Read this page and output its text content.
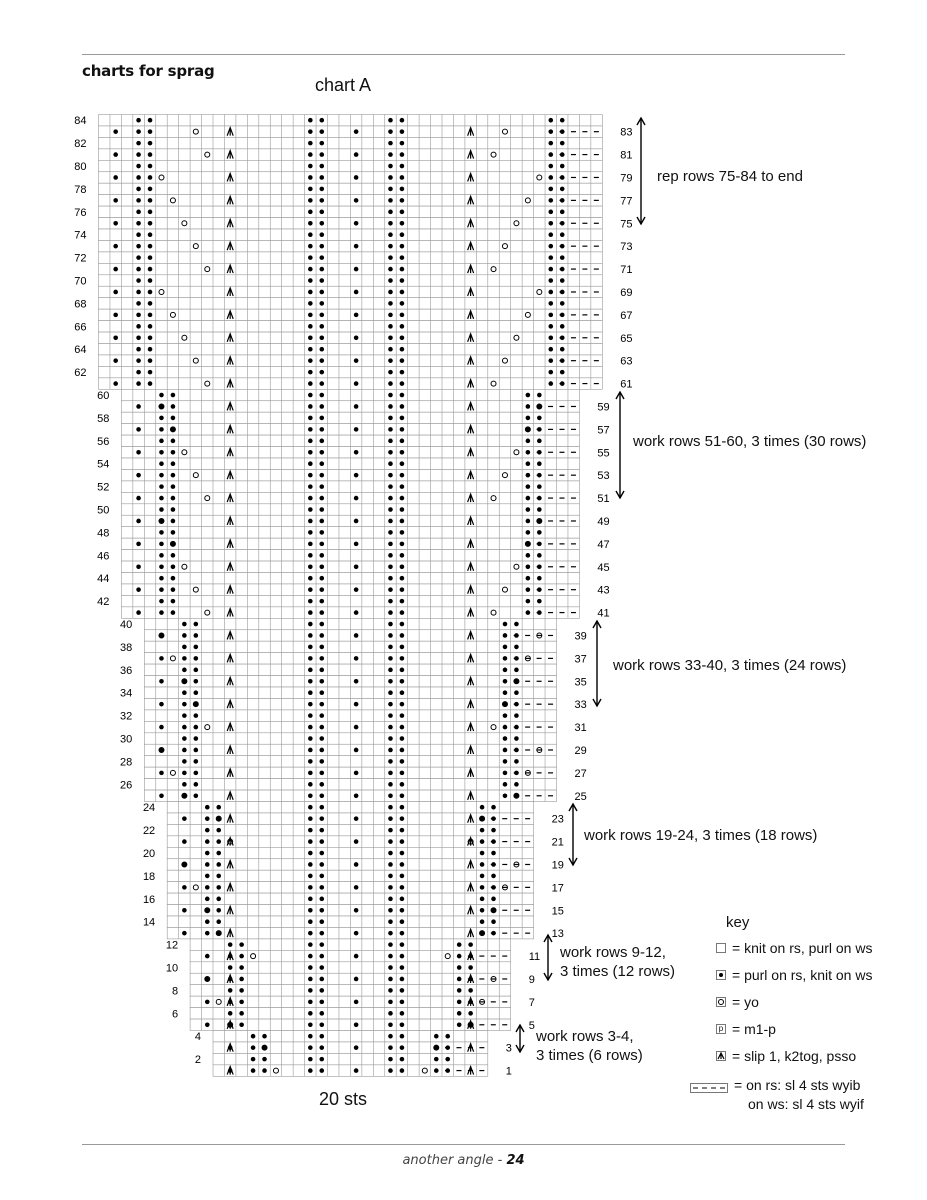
charts for sprag
chart A
84
83
82
81
80
79
78
77
76
75
74
73
72
71
70
69
68
67
66
65
64
63
62
61
60
59
58
57
56
55
54
53
52
51
50
49
48
47
46
45
44
43
42
41
40
39
38
37
36
35
34
33
32
31
30
29
28
27
26
25
24
23
22
21
20
19
18
17
16
15
14
13
12
11
10
9
8
7
6
5
4
3
2
1
20 sts
rep rows 75-84 to end
work rows 51-60, 3 times (30 rows)
work rows 33-40, 3 times (24 rows)
work rows 19-24, 3 times (18 rows)
work rows 9-12,
3 times (12 rows)
work rows 3-4,
3 times (6 rows)
key
= knit on rs, purl on ws
= purl on rs, knit on ws
= yo
p = m1-p
= slip 1, k2tog, psso
= on rs: sl 4 sts wyib
on ws: sl 4 sts wyif
another angle - 24
